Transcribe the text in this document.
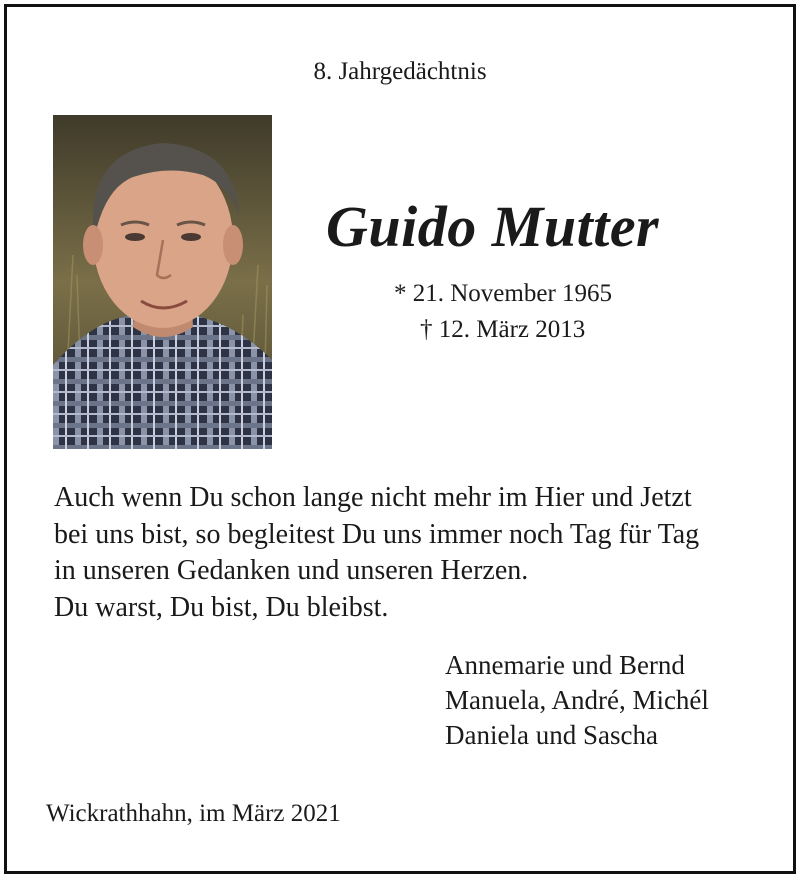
8. Jahrgedächtnis
Guido Mutter
* 21. November 1965
† 12. März 2013
Auch wenn Du schon lange nicht mehr im Hier und Jetzt
bei uns bist, so begleitest Du uns immer noch Tag für Tag
in unseren Gedanken und unseren Herzen.
Du warst, Du bist, Du bleibst.
Annemarie und Bernd
Manuela, André, Michél
Daniela und Sascha
Wickrathhahn, im März 2021
